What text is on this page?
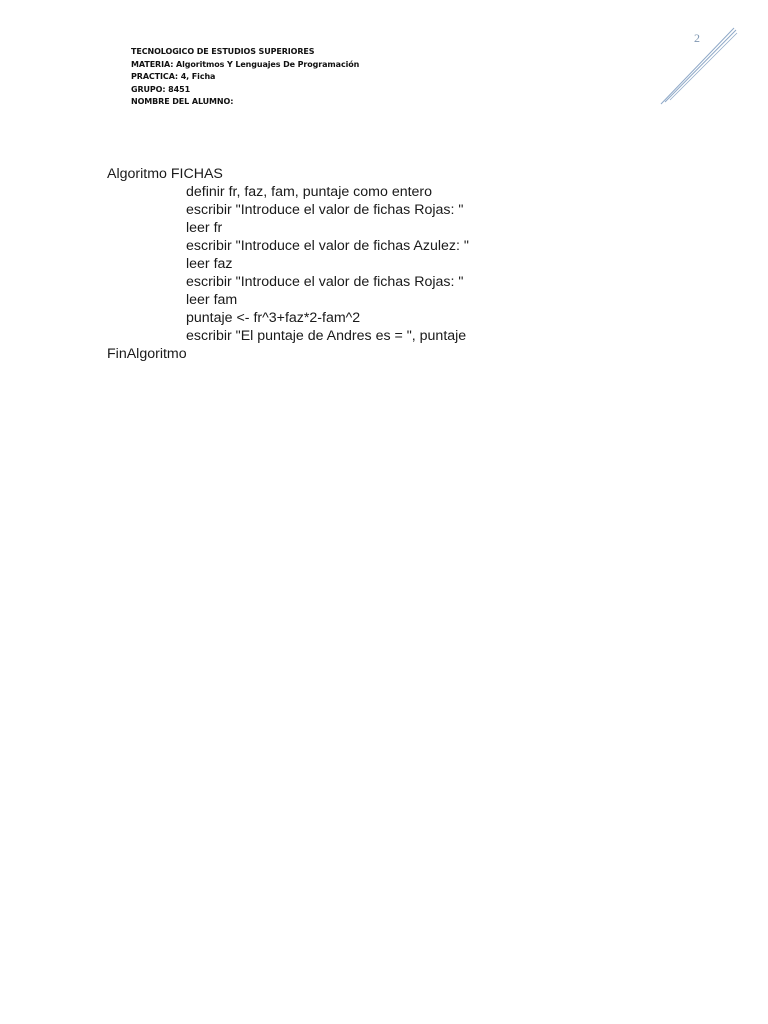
TECNOLOGICO DE ESTUDIOS SUPERIORES
MATERIA: Algoritmos Y Lenguajes De Programación
PRACTICA: 4, Ficha
GRUPO: 8451
NOMBRE DEL ALUMNO:
2
Algoritmo FICHAS
definir fr, faz, fam, puntaje como entero
escribir "Introduce el valor de fichas Rojas: "
leer fr
escribir "Introduce el valor de fichas Azulez: "
leer faz
escribir "Introduce el valor de fichas Rojas: "
leer fam
puntaje <- fr^3+faz*2-fam^2
escribir "El puntaje de Andres es = ", puntaje
FinAlgoritmo
